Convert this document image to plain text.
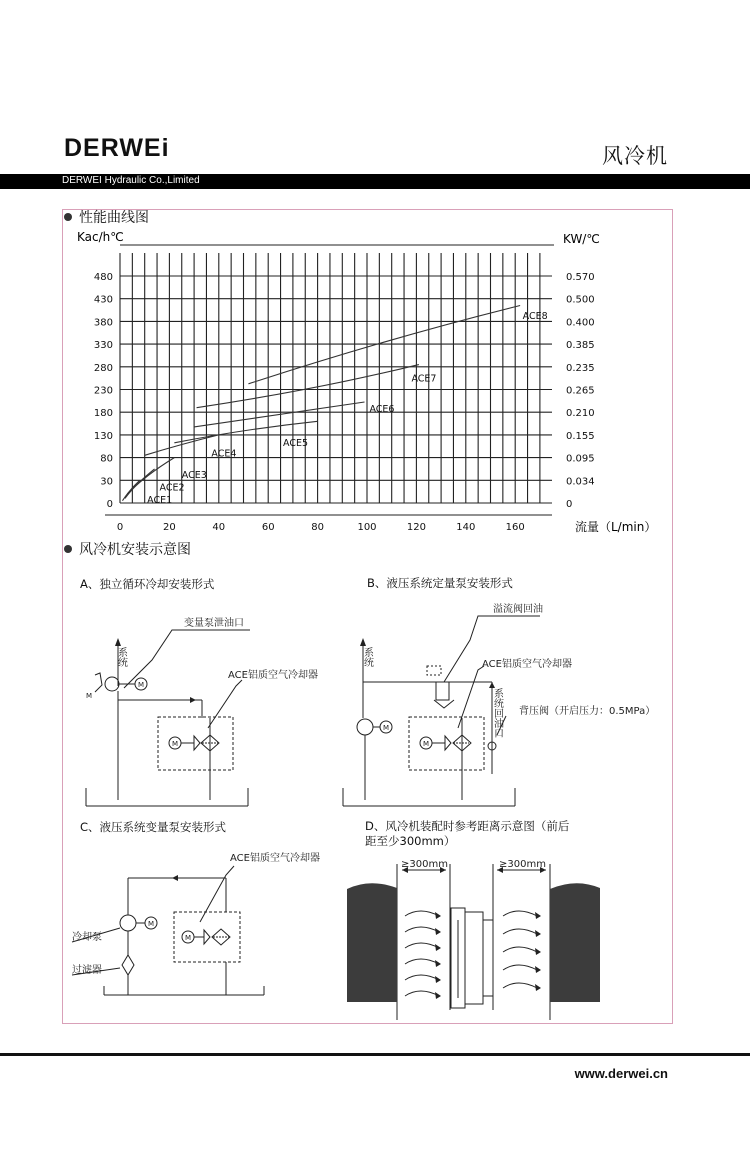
DERWEi	风冷机
DERWEI Hydraulic Co.,Limited
性能曲线图
Kac/h℃	KW/℃
流量（L/min）
0
30
80
130
180
230
280
330
380
430
480
0
0.034
0.095
0.155
0.210
0.265
0.235
0.385
0.400
0.500
0.570
0	20	40	60	80	100	120	140	160
ACE1
ACE2
ACE3
ACE4
ACE5
ACE6
ACE7
ACE8
风冷机安装示意图
A、独立循环冷却安装形式	B、液压系统定量泵安装形式
C、液压系统变量泵安装形式	D、风冷机装配时参考距离示意图（前后
距至少300mm）
系统
M
M
变量泵泄油口
M
ACE铝质空气冷却器
系统
M	系统回油口
M
溢流阀回油
ACE铝质空气冷却器
背压阀（开启压力：0.5MPa）
M
冷却泵
过滤器
M
ACE铝质空气冷却器
≥300mm	≥300mm
www.derwei.cn
